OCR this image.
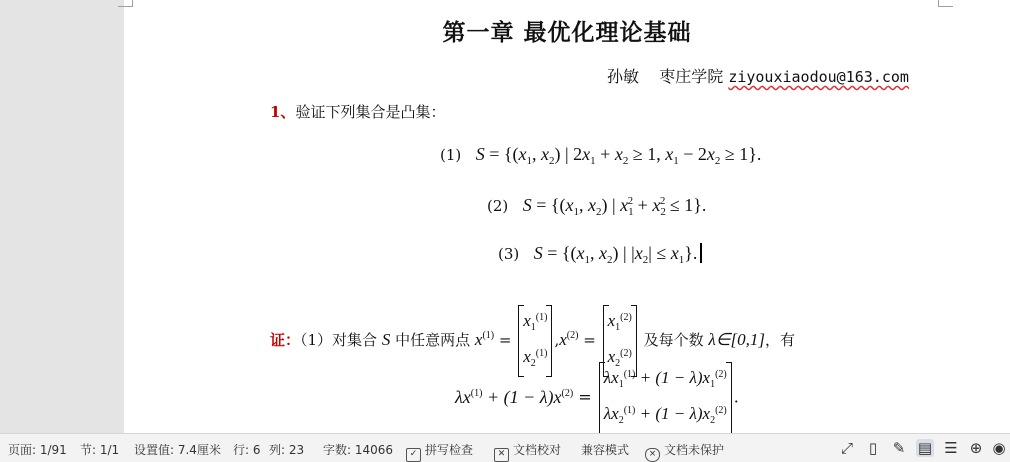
第一章 最优化理论基础
孙敏 枣庄学院 ziyouxiaodou@163.com
1、验证下列集合是凸集：
(1) $S = \{(x_1$, $x_2$) | $2x_1 + x_2 \ge 1$, $x_1 - 2x_2 \ge 1$}.
(2) $S = \{(x_1$, $x_2$) | $x_1^2 + x_2^2 \le 1$}.
(3) $S = \{(x_1$, $x_2$) | $|x_2| \le x_1$}.
证：（1）对集合 S 中任意两点 $x^{(1)}$ =
$x_1^{(1)}$
$x_2^{(1)}$
$,x^{(2)}$ =
$x_1^{(2)}$
$x_2^{(2)}$
及每个数 λ∈[0,1]，有
$\lambda x^{(1)} + (1 - \lambda)x^{(2)}$ =
$\lambda x_1^{(1)} + (1 - \lambda)x_1^{(2)}$
$\lambda x_2^{(1)} + (1 - \lambda)x_2^{(2)}$
.
页面: 1/91 节: 1/1 设置值: 7.4厘米 行: 6 列: 23 字数: 14066	✓ 拼写检查	✕ 文档校对 兼容模式	× 文档未保护	⤢	▯	✎ ▤ ☰ ⊕ ◉
